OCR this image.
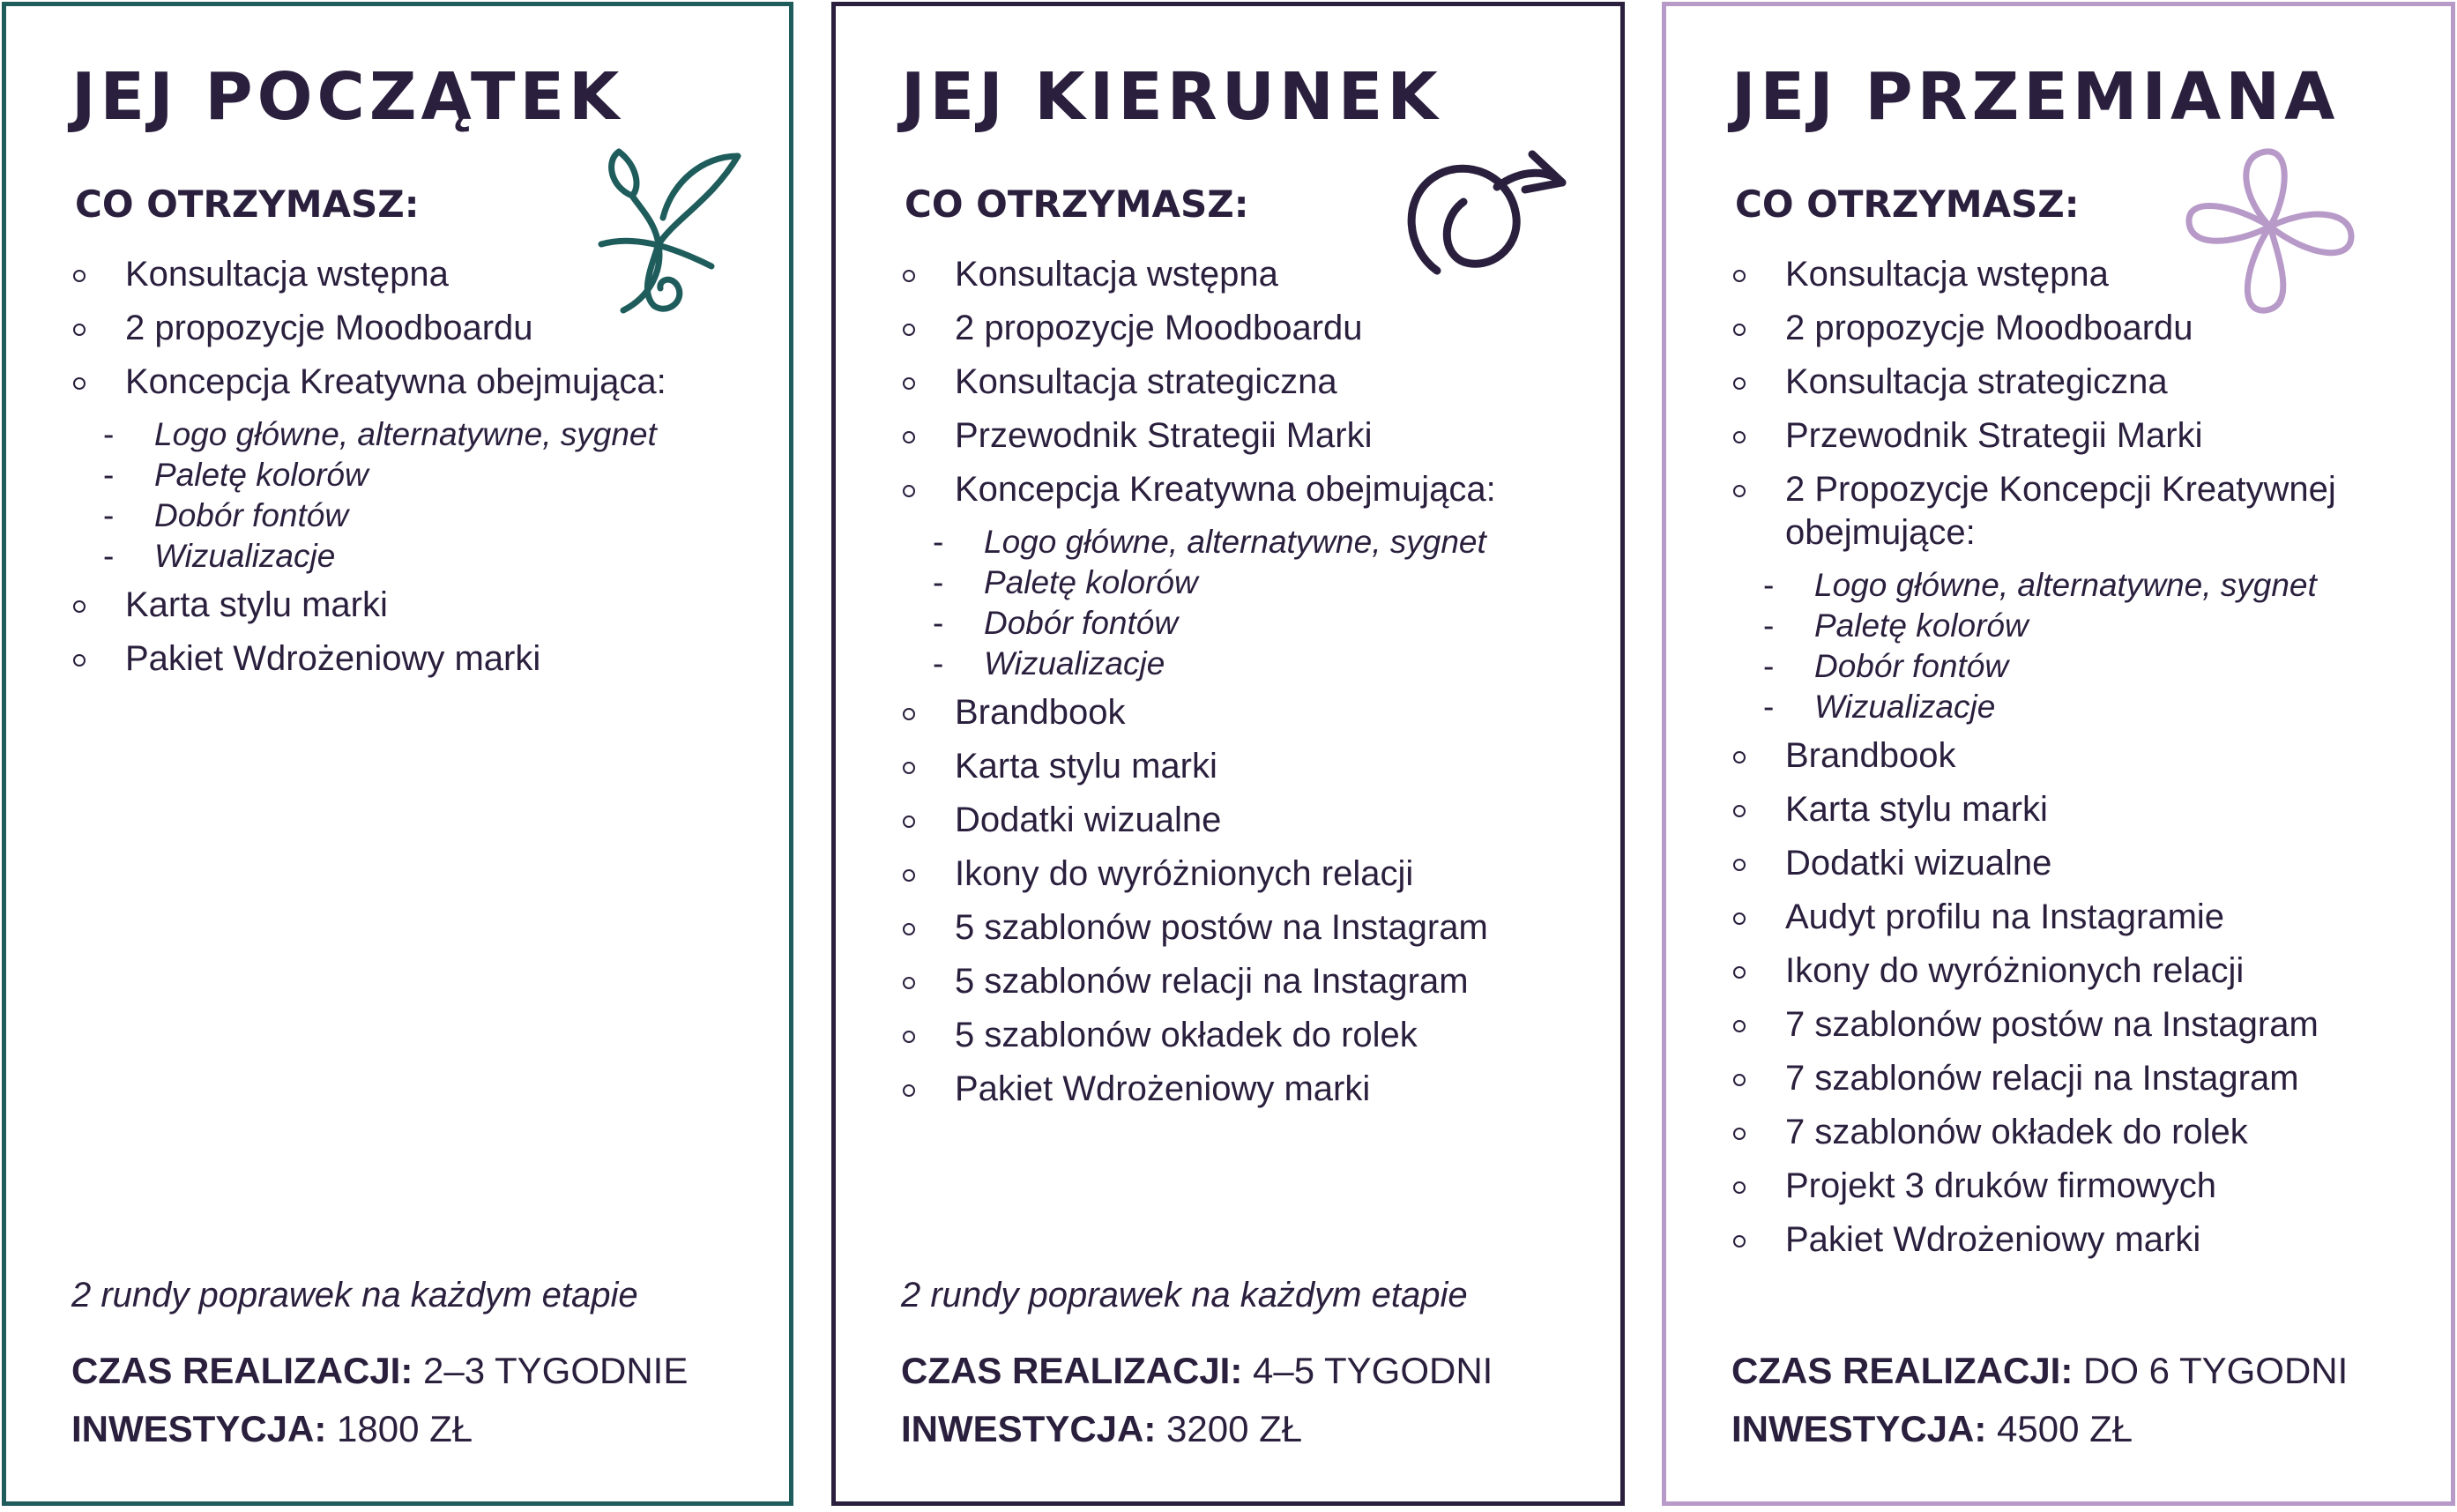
JEJ POCZĄTEK
CO OTRZYMASZ:
Konsultacja wstępna
2 propozycje Moodboardu
Koncepcja Kreatywna obejmująca:
- Logo główne, alternatywne, sygnet
- Paletę kolorów
- Dobór fontów
- Wizualizacje
Karta stylu marki
Pakiet Wdrożeniowy marki

2 rundy poprawek na każdym etapie

CZAS REALIZACJI: 2–3 TYGODNIE
INWESTYCJA: 1800 ZŁ
JEJ KIERUNEK
CO OTRZYMASZ:
Konsultacja wstępna
2 propozycje Moodboardu
Konsultacja strategiczna
Przewodnik Strategii Marki
Koncepcja Kreatywna obejmująca:
- Logo główne, alternatywne, sygnet
- Paletę kolorów
- Dobór fontów
- Wizualizacje
Brandbook
Karta stylu marki
Dodatki wizualne
Ikony do wyróżnionych relacji
5 szablonów postów na Instagram
5 szablonów relacji na Instagram
5 szablonów okładek do rolek
Pakiet Wdrożeniowy marki

2 rundy poprawek na każdym etapie

CZAS REALIZACJI: 4–5 TYGODNI
INWESTYCJA: 3200 ZŁ
JEJ PRZEMIANA
CO OTRZYMASZ:
Konsultacja wstępna
2 propozycje Moodboardu
Konsultacja strategiczna
Przewodnik Strategii Marki
2 Propozycje Koncepcji Kreatywnej obejmujące:
- Logo główne, alternatywne, sygnet
- Paletę kolorów
- Dobór fontów
- Wizualizacje
Brandbook
Karta stylu marki
Dodatki wizualne
Audyt profilu na Instagramie
Ikony do wyróżnionych relacji
7 szablonów postów na Instagram
7 szablonów relacji na Instagram
7 szablonów okładek do rolek
Projekt 3 druków firmowych
Pakiet Wdrożeniowy marki

CZAS REALIZACJI: DO 6 TYGODNI
INWESTYCJA: 4500 ZŁ
